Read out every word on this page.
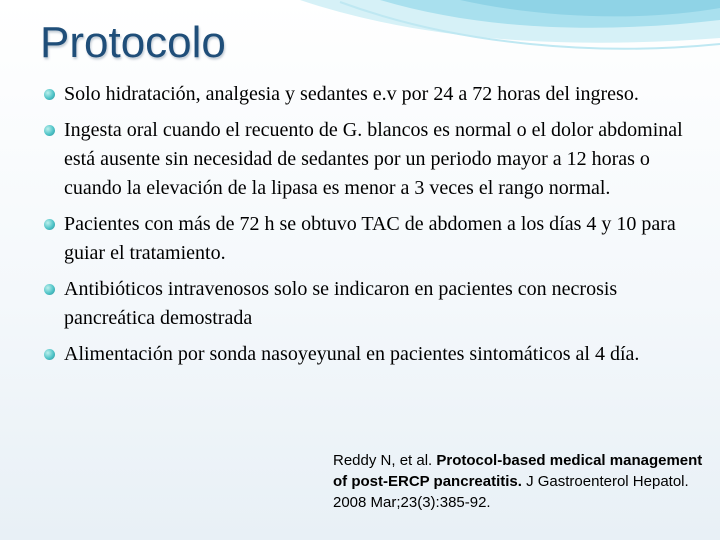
Protocolo
Solo hidratación, analgesia y sedantes e.v por 24 a 72 horas del ingreso.
Ingesta oral cuando el recuento de G. blancos es normal o el dolor abdominal está ausente sin necesidad de sedantes por un periodo mayor a 12 horas o cuando la elevación de la lipasa es menor a 3 veces el rango normal.
Pacientes con más de 72 h se obtuvo TAC de abdomen a los días 4 y 10 para guiar el tratamiento.
Antibióticos intravenosos solo se indicaron en pacientes con necrosis pancreática demostrada
Alimentación por sonda nasoyeyunal en pacientes sintomáticos al 4 día.

Reddy N, et al. Protocol-based medical management of post-ERCP pancreatitis. J Gastroenterol Hepatol. 2008 Mar;23(3):385-92.
